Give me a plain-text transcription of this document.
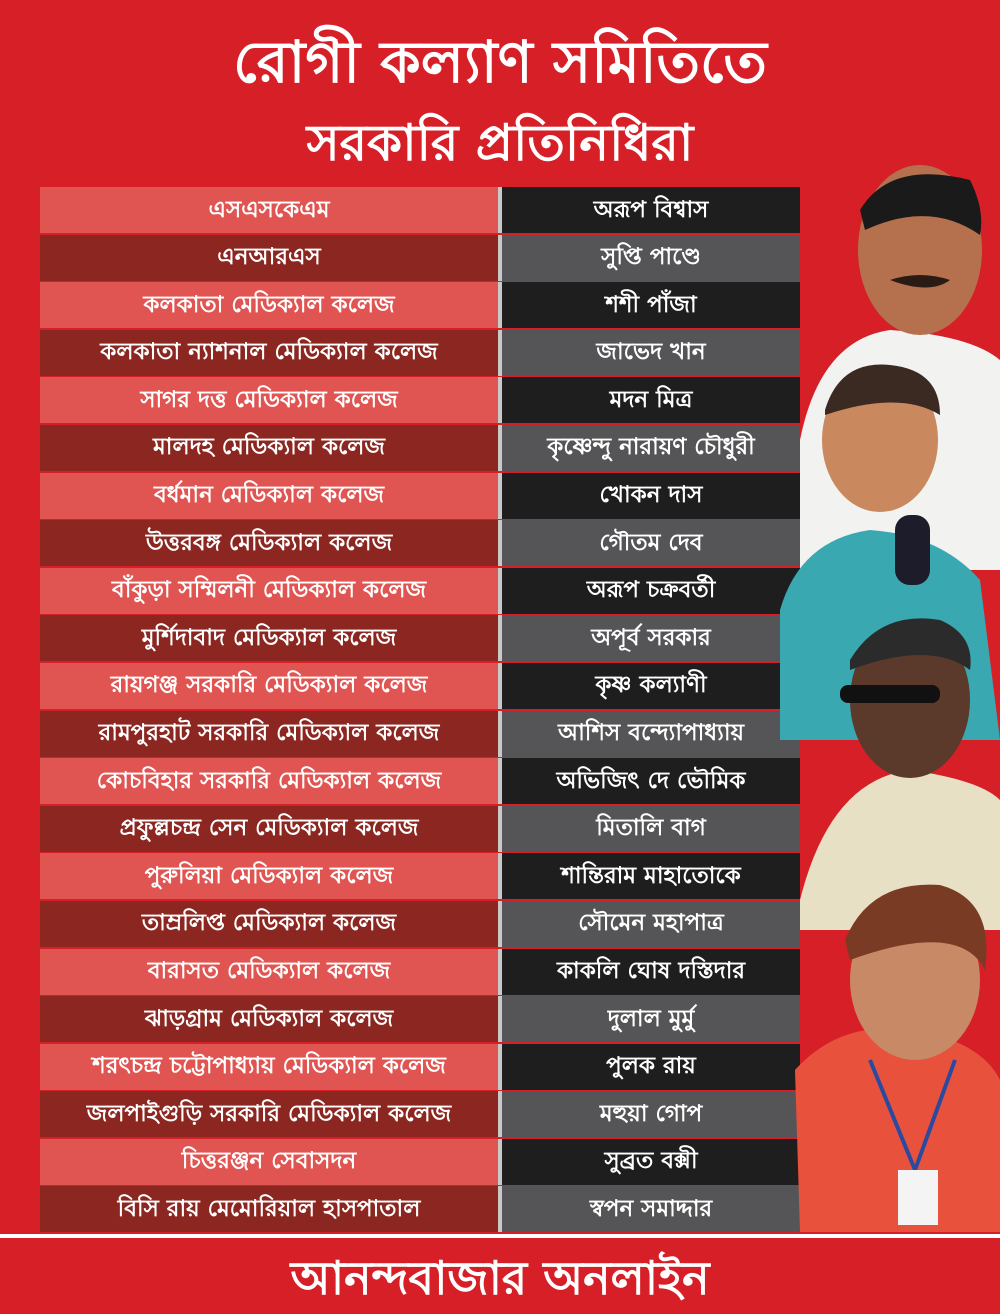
রোগী কল্যাণ সমিতিতে
সরকারি প্রতিনিধিরা
এসএসকেএম	অরূপ বিশ্বাস
এনআরএস	সুপ্তি পাণ্ডে
কলকাতা মেডিক্যাল কলেজ	শশী পাঁজা
কলকাতা ন্যাশনাল মেডিক্যাল কলেজ	জাভেদ খান
সাগর দত্ত মেডিক্যাল কলেজ	মদন মিত্র
মালদহ মেডিক্যাল কলেজ	কৃষ্ণেন্দু নারায়ণ চৌধুরী
বর্ধমান মেডিক্যাল কলেজ	খোকন দাস
উত্তরবঙ্গ মেডিক্যাল কলেজ	গৌতম দেব
বাঁকুড়া সম্মিলনী মেডিক্যাল কলেজ	অরূপ চক্রবর্তী
মুর্শিদাবাদ মেডিক্যাল কলেজ	অপূর্ব সরকার
রায়গঞ্জ সরকারি মেডিক্যাল কলেজ	কৃষ্ণ কল্যাণী
রামপুরহাট সরকারি মেডিক্যাল কলেজ	আশিস বন্দ্যোপাধ্যায়
কোচবিহার সরকারি মেডিক্যাল কলেজ	অভিজিৎ দে ভৌমিক
প্রফুল্লচন্দ্র সেন মেডিক্যাল কলেজ	মিতালি বাগ
পুরুলিয়া মেডিক্যাল কলেজ	শান্তিরাম মাহাতোকে
তাম্রলিপ্ত মেডিক্যাল কলেজ	সৌমেন মহাপাত্র
বারাসত মেডিক্যাল কলেজ	কাকলি ঘোষ দস্তিদার
ঝাড়গ্রাম মেডিক্যাল কলেজ	দুলাল মুর্মু
শরৎচন্দ্র চট্টোপাধ্যায় মেডিক্যাল কলেজ	পুলক রায়
জলপাইগুড়ি সরকারি মেডিক্যাল কলেজ	মহুয়া গোপ
চিত্তরঞ্জন সেবাসদন	সুব্রত বক্সী
বিসি রায় মেমোরিয়াল হাসপাতাল	স্বপন সমাদ্দার
আনন্দবাজার অনলাইন
